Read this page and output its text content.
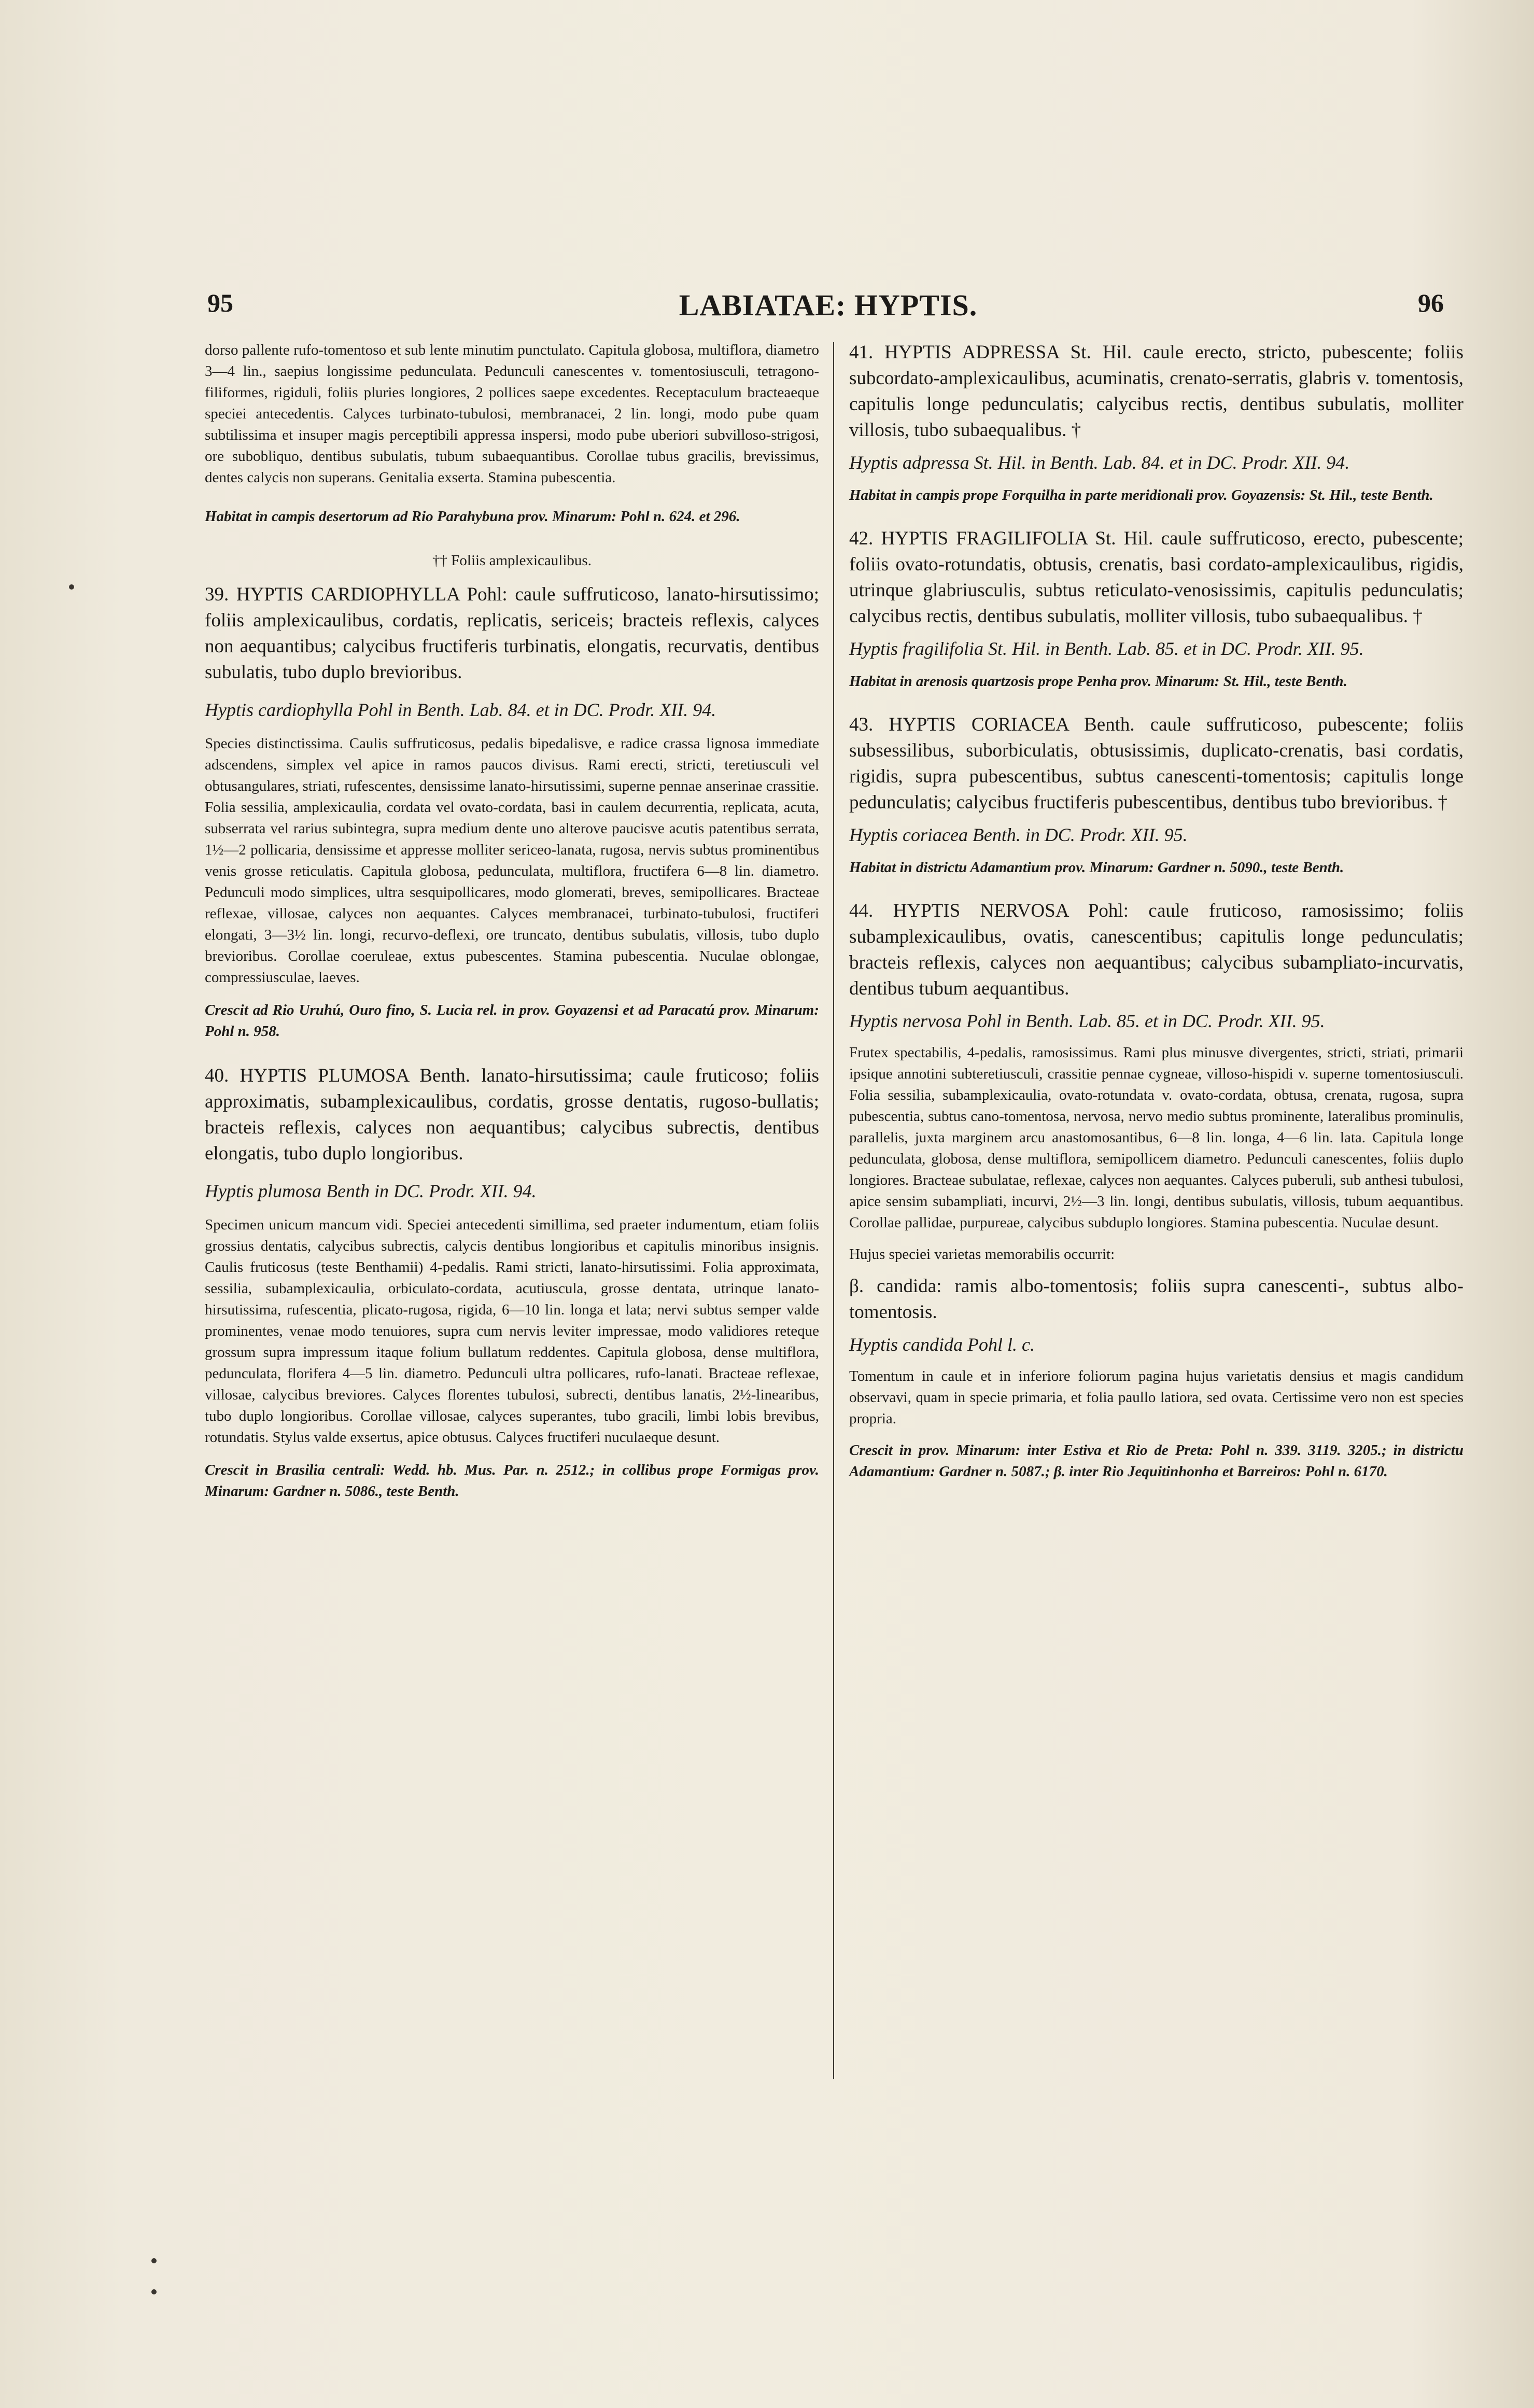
95	LABIATAE: HYPTIS.	96

dorso pallente rufo-tomentoso et sub lente minutim punctulato. Capitula globosa, multiflora, diametro 3—4 lin., saepius longissime pedunculata. Pedunculi canescentes v. tomentosiusculi, tetragono-filiformes, rigiduli, foliis pluries longiores, 2 pollices saepe excedentes. Receptaculum bracteaeque speciei antecedentis. Calyces turbinato-tubulosi, membranacei, 2 lin. longi, modo pube quam subtilissima et insuper magis perceptibili appressa inspersi, modo pube uberiori subvilloso-strigosi, ore subobliquo, dentibus subulatis, tubum subaequantibus. Corollae tubus gracilis, brevissimus, dentes calycis non superans. Genitalia exserta. Stamina pubescentia.

Habitat in campis desertorum ad Rio Parahybuna prov. Minarum: Pohl n. 624. et 296.

†† Foliis amplexicaulibus.

39. HYPTIS CARDIOPHYLLA Pohl: caule suffruticoso, lanato-hirsutissimo; foliis amplexicaulibus, cordatis, replicatis, sericeis; bracteis reflexis, calyces non aequantibus; calycibus fructiferis turbinatis, elongatis, recurvatis, dentibus subulatis, tubo duplo brevioribus.

Hyptis cardiophylla Pohl in Benth. Lab. 84. et in DC. Prodr. XII. 94.

Species distinctissima. Caulis suffruticosus, pedalis bipedalisve, e radice crassa lignosa immediate adscendens, simplex vel apice in ramos paucos divisus. Rami erecti, stricti, teretiusculi vel obtusangulares, striati, rufescentes, densissime lanato-hirsutissimi, superne pennae anserinae crassitie. Folia sessilia, amplexicaulia, cordata vel ovato-cordata, basi in caulem decurrentia, replicata, acuta, subserrata vel rarius subintegra, supra medium dente uno alterove paucisve acutis patentibus serrata, 1½—2 pollicaria, densissime et appresse molliter sericeo-lanata, rugosa, nervis subtus prominentibus venis grosse reticulatis. Capitula globosa, pedunculata, multiflora, fructifera 6—8 lin. diametro. Pedunculi modo simplices, ultra sesquipollicares, modo glomerati, breves, semipollicares. Bracteae reflexae, villosae, calyces non aequantes. Calyces membranacei, turbinato-tubulosi, fructiferi elongati, 3—3½ lin. longi, recurvo-deflexi, ore truncato, dentibus subulatis, villosis, tubo duplo brevioribus. Corollae coeruleae, extus pubescentes. Stamina pubescentia. Nuculae oblongae, compressiusculae, laeves.

Crescit ad Rio Uruhú, Ouro fino, S. Lucia rel. in prov. Goyazensi et ad Paracatú prov. Minarum: Pohl n. 958.

40. HYPTIS PLUMOSA Benth. lanato-hirsutissima; caule fruticoso; foliis approximatis, subamplexicaulibus, cordatis, grosse dentatis, rugoso-bullatis; bracteis reflexis, calyces non aequantibus; calycibus subrectis, dentibus elongatis, tubo duplo longioribus.

Hyptis plumosa Benth in DC. Prodr. XII. 94.

Specimen unicum mancum vidi. Speciei antecedenti simillima, sed praeter indumentum, etiam foliis grossius dentatis, calycibus subrectis, calycis dentibus longioribus et capitulis minoribus insignis. Caulis fruticosus (teste Benthamii) 4-pedalis. Rami stricti, lanato-hirsutissimi. Folia approximata, sessilia, subamplexicaulia, orbiculato-cordata, acutiuscula, grosse dentata, utrinque lanato-hirsutissima, rufescentia, plicato-rugosa, rigida, 6—10 lin. longa et lata; nervi subtus semper valde prominentes, venae modo tenuiores, supra cum nervis leviter impressae, modo validiores reteque grossum supra impressum itaque folium bullatum reddentes. Capitula globosa, dense multiflora, pedunculata, florifera 4—5 lin. diametro. Pedunculi ultra pollicares, rufo-lanati. Bracteae reflexae, villosae, calycibus breviores. Calyces florentes tubulosi, subrecti, dentibus lanatis, 2½-linearibus, tubo duplo longioribus. Corollae villosae, calyces superantes, tubo gracili, limbi lobis brevibus, rotundatis. Stylus valde exsertus, apice obtusus. Calyces fructiferi nuculaeque desunt.

Crescit in Brasilia centrali: Wedd. hb. Mus. Par. n. 2512.; in collibus prope Formigas prov. Minarum: Gardner n. 5086., teste Benth.

41. HYPTIS ADPRESSA St. Hil. caule erecto, stricto, pubescente; foliis subcordato-amplexicaulibus, acuminatis, crenato-serratis, glabris v. tomentosis, capitulis longe pedunculatis; calycibus rectis, dentibus subulatis, molliter villosis, tubo subaequalibus. †

Hyptis adpressa St. Hil. in Benth. Lab. 84. et in DC. Prodr. XII. 94.

Habitat in campis prope Forquilha in parte meridionali prov. Goyazensis: St. Hil., teste Benth.

42. HYPTIS FRAGILIFOLIA St. Hil. caule suffruticoso, erecto, pubescente; foliis ovato-rotundatis, obtusis, crenatis, basi cordato-amplexicaulibus, rigidis, utrinque glabriusculis, subtus reticulato-venosissimis, capitulis pedunculatis; calycibus rectis, dentibus subulatis, molliter villosis, tubo subaequalibus. †

Hyptis fragilifolia St. Hil. in Benth. Lab. 85. et in DC. Prodr. XII. 95.

Habitat in arenosis quartzosis prope Penha prov. Minarum: St. Hil., teste Benth.

43. HYPTIS CORIACEA Benth. caule suffruticoso, pubescente; foliis subsessilibus, suborbiculatis, obtusissimis, duplicato-crenatis, basi cordatis, rigidis, supra pubescentibus, subtus canescenti-tomentosis; capitulis longe pedunculatis; calycibus fructiferis pubescentibus, dentibus tubo brevioribus. †

Hyptis coriacea Benth. in DC. Prodr. XII. 95.

Habitat in districtu Adamantium prov. Minarum: Gardner n. 5090., teste Benth.

44. HYPTIS NERVOSA Pohl: caule fruticoso, ramosissimo; foliis subamplexicaulibus, ovatis, canescentibus; capitulis longe pedunculatis; bracteis reflexis, calyces non aequantibus; calycibus subampliato-incurvatis, dentibus tubum aequantibus.

Hyptis nervosa Pohl in Benth. Lab. 85. et in DC. Prodr. XII. 95.

Frutex spectabilis, 4-pedalis, ramosissimus. Rami plus minusve divergentes, stricti, striati, primarii ipsique annotini subteretiusculi, crassitie pennae cygneae, villoso-hispidi v. superne tomentosiusculi. Folia sessilia, subamplexicaulia, ovato-rotundata v. ovato-cordata, obtusa, crenata, rugosa, supra pubescentia, subtus cano-tomentosa, nervosa, nervo medio subtus prominente, lateralibus prominulis, parallelis, juxta marginem arcu anastomosantibus, 6—8 lin. longa, 4—6 lin. lata. Capitula longe pedunculata, globosa, dense multiflora, semipollicem diametro. Pedunculi canescentes, foliis duplo longiores. Bracteae subulatae, reflexae, calyces non aequantes. Calyces puberuli, sub anthesi tubulosi, apice sensim subampliati, incurvi, 2½—3 lin. longi, dentibus subulatis, villosis, tubum aequantibus. Corollae pallidae, purpureae, calycibus subduplo longiores. Stamina pubescentia. Nuculae desunt.

Hujus speciei varietas memorabilis occurrit:

β. candida: ramis albo-tomentosis; foliis supra canescenti-, subtus albo-tomentosis.

Hyptis candida Pohl l. c.

Tomentum in caule et in inferiore foliorum pagina hujus varietatis densius et magis candidum observavi, quam in specie primaria, et folia paullo latiora, sed ovata. Certissime vero non est species propria.

Crescit in prov. Minarum: inter Estiva et Rio de Preta: Pohl n. 339. 3119. 3205.; in districtu Adamantium: Gardner n. 5087.; β. inter Rio Jequitinhonha et Barreiros: Pohl n. 6170.
